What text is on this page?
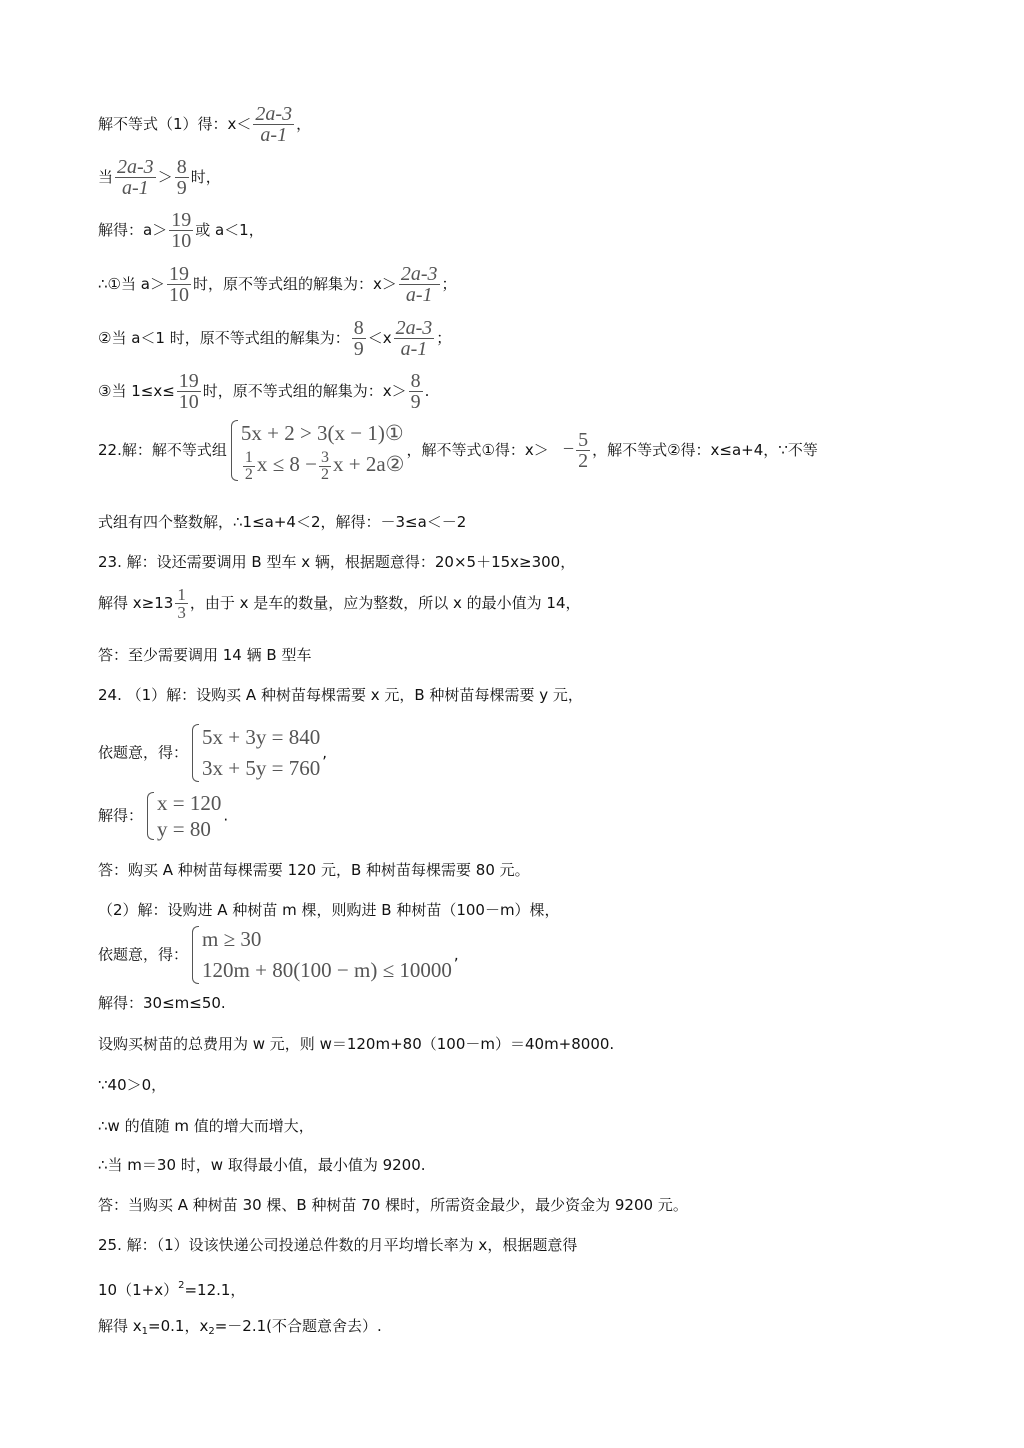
解不等式（1）得：$x< \frac{2a-3}{a-1}$ ，
当 $\frac{2a-3}{a-1} > \frac{8}{9}$ 时，
解得：$a> \frac{19}{10}$ 或 a＜1，
∴①当 $a> \frac{19}{10}$ 时，原不等式组的解集为：$x> \frac{2a-3}{a-1}$ ；
②当 a＜1 时，原不等式组的解集为： $\frac{8}{9} <x \frac{2a-3}{a-1}$ ；
③当 $1\le x\le \frac{19}{10}$ 时，原不等式组的解集为：$x> \frac{8}{9}$ .
22.解：解不等式组
5x + 2 > 3(x − 1)①
$\frac{1}{2}$ $x \le 8 - \frac{3}{2}$ x + 2a②
，解不等式①得：$x> - \frac{5}{2}$ ，解不等式②得：x≤a+4，∵不等
式组有四个整数解，∴1≤a+4＜2，解得：－3≤a＜－2
23. 解：设还需要调用 B 型车 x 辆，根据题意得：20×5＋15x≥300，
解得 $x\ge 13 \frac{1}{3}$ ，由于 x 是车的数量，应为整数，所以 x 的最小值为 14，
答：至少需要调用 14 辆 B 型车
24. （1）解：设购买 A 种树苗每棵需要 x 元，B 种树苗每棵需要 y 元，
依题意，得：
5x + 3y = 840
3x + 5y = 760
,
解得：
x = 120
y = 80
.
答：购买 A 种树苗每棵需要 120 元，B 种树苗每棵需要 80 元。
（2）解：设购进 A 种树苗 m 棵，则购进 B 种树苗（100－m）棵，
依题意，得：
m ≥ 30
120m + 80(100 − m) ≤ 10000
,
解得：30≤m≤50.
设购买树苗的总费用为 w 元，则 w＝120m+80（100－m）＝40m+8000.
∵40＞0，
∴w 的值随 m 值的增大而增大，
∴当 m＝30 时，w 取得最小值，最小值为 9200.
答：当购买 A 种树苗 30 棵、B 种树苗 70 棵时，所需资金最少，最少资金为 9200 元。
25. 解：（1）设该快递公司投递总件数的月平均增长率为 x，根据题意得
$10(1+x)^2=12.1$，
解得 $x_1=0.1$，$x_2=-2.1$(不合题意舍去）.
